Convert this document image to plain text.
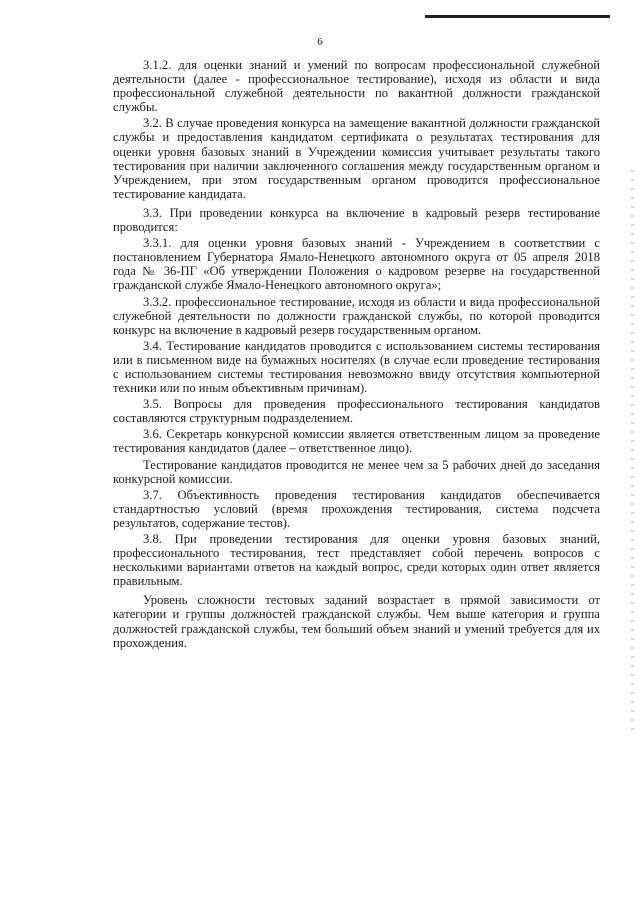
6

3.1.2. для оценки знаний и умений по вопросам профессиональной служебной деятельности (далее - профессиональное тестирование), исходя из области и вида профессиональной служебной деятельности по вакантной должности гражданской службы.

3.2. В случае проведения конкурса на замещение вакантной должности гражданской службы и предоставления кандидатом сертификата о результатах тестирования для оценки уровня базовых знаний в Учреждении комиссия учитывает результаты такого тестирования при наличии заключенного соглашения между государственным органом и Учреждением, при этом государственным органом проводится профессиональное тестирование кандидата.

3.3. При проведении конкурса на включение в кадровый резерв тестирование проводится:

3.3.1. для оценки уровня базовых знаний - Учреждением в соответствии с постановлением Губернатора Ямало-Ненецкого автономного округа от 05 апреля 2018 года № 36-ПГ «Об утверждении Положения о кадровом резерве на государственной гражданской службе Ямало-Ненецкого автономного округа»;

3.3.2. профессиональное тестирование, исходя из области и вида профессиональной служебной деятельности по должности гражданской службы, по которой проводится конкурс на включение в кадровый резерв государственным органом.

3.4. Тестирование кандидатов проводится с использованием системы тестирования или в письменном виде на бумажных носителях (в случае если проведение тестирования с использованием системы тестирования невозможно ввиду отсутствия компьютерной техники или по иным объективным причинам).

3.5. Вопросы для проведения профессионального тестирования кандидатов составляются структурным подразделением.

3.6. Секретарь конкурсной комиссии является ответственным лицом за проведение тестирования кандидатов (далее – ответственное лицо).

Тестирование кандидатов проводится не менее чем за 5 рабочих дней до заседания конкурсной комиссии.

3.7. Объективность проведения тестирования кандидатов обеспечивается стандартностью условий (время прохождения тестирования, система подсчета результатов, содержание тестов).

3.8. При проведении тестирования для оценки уровня базовых знаний, профессионального тестирования, тест представляет собой перечень вопросов с несколькими вариантами ответов на каждый вопрос, среди которых один ответ является правильным.

Уровень сложности тестовых заданий возрастает в прямой зависимости от категории и группы должностей гражданской службы. Чем выше категория и группа должностей гражданской службы, тем больший объем знаний и умений требуется для их прохождения.
